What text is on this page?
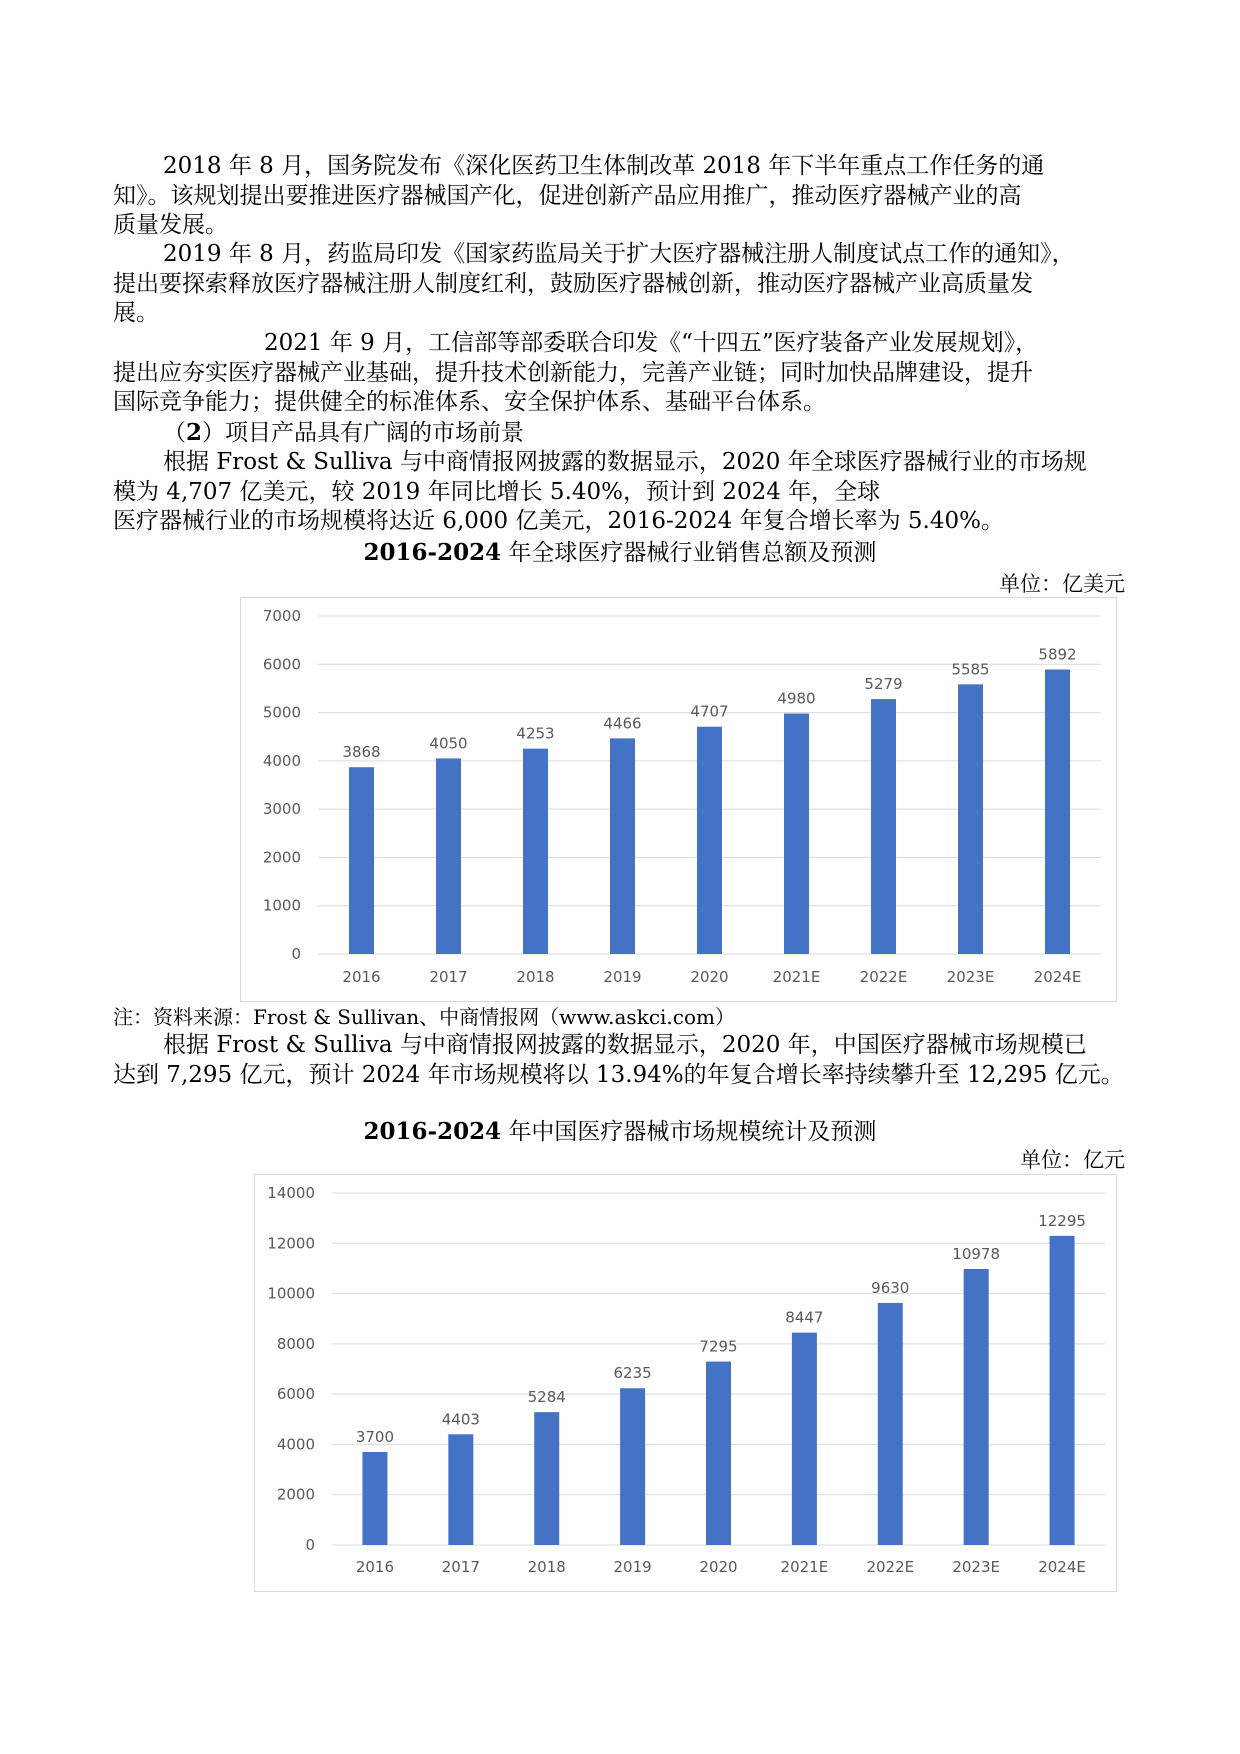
2018 年 8 月，国务院发布《深化医药卫生体制改革 2018 年下半年重点工作任务的通
知》。该规划提出要推进医疗器械国产化，促进创新产品应用推广，推动医疗器械产业的高
质量发展。

2019 年 8 月，药监局印发《国家药监局关于扩大医疗器械注册人制度试点工作的通知》，
提出要探索释放医疗器械注册人制度红利，鼓励医疗器械创新，推动医疗器械产业高质量发
展。

2021 年 9 月，工信部等部委联合印发《“十四五”医疗装备产业发展规划》，
提出应夯实医疗器械产业基础，提升技术创新能力，完善产业链；同时加快品牌建设，提升
国际竞争能力；提供健全的标准体系、安全保护体系、基础平台体系。

（2）项目产品具有广阔的市场前景

根据 Frost & Sulliva 与中商情报网披露的数据显示，2020 年全球医疗器械行业的市场规
模为 4,707 亿美元，较 2019 年同比增长 5.40%，预计到 2024 年，全球
医疗器械行业的市场规模将达近 6,000 亿美元，2016-2024 年复合增长率为 5.40%。

2016-2024 年全球医疗器械行业销售总额及预测

单位：亿美元

0
1000
2000
3000
4000
5000
6000
7000
3868
2016
4050
2017
4253
2018
4466
2019
4707
2020
4980
2021E
5279
2022E
5585
2023E
5892
2024E

注：资料来源：Frost & Sullivan、中商情报网（www.askci.com）

根据 Frost & Sulliva 与中商情报网披露的数据显示，2020 年，中国医疗器械市场规模已
达到 7,295 亿元，预计 2024 年市场规模将以 13.94%的年复合增长率持续攀升至 12,295 亿元。

2016-2024 年中国医疗器械市场规模统计及预测

单位：亿元

0
2000
4000
6000
8000
10000
12000
14000
3700
2016
4403
2017
5284
2018
6235
2019
7295
2020
8447
2021E
9630
2022E
10978
2023E
12295
2024E
